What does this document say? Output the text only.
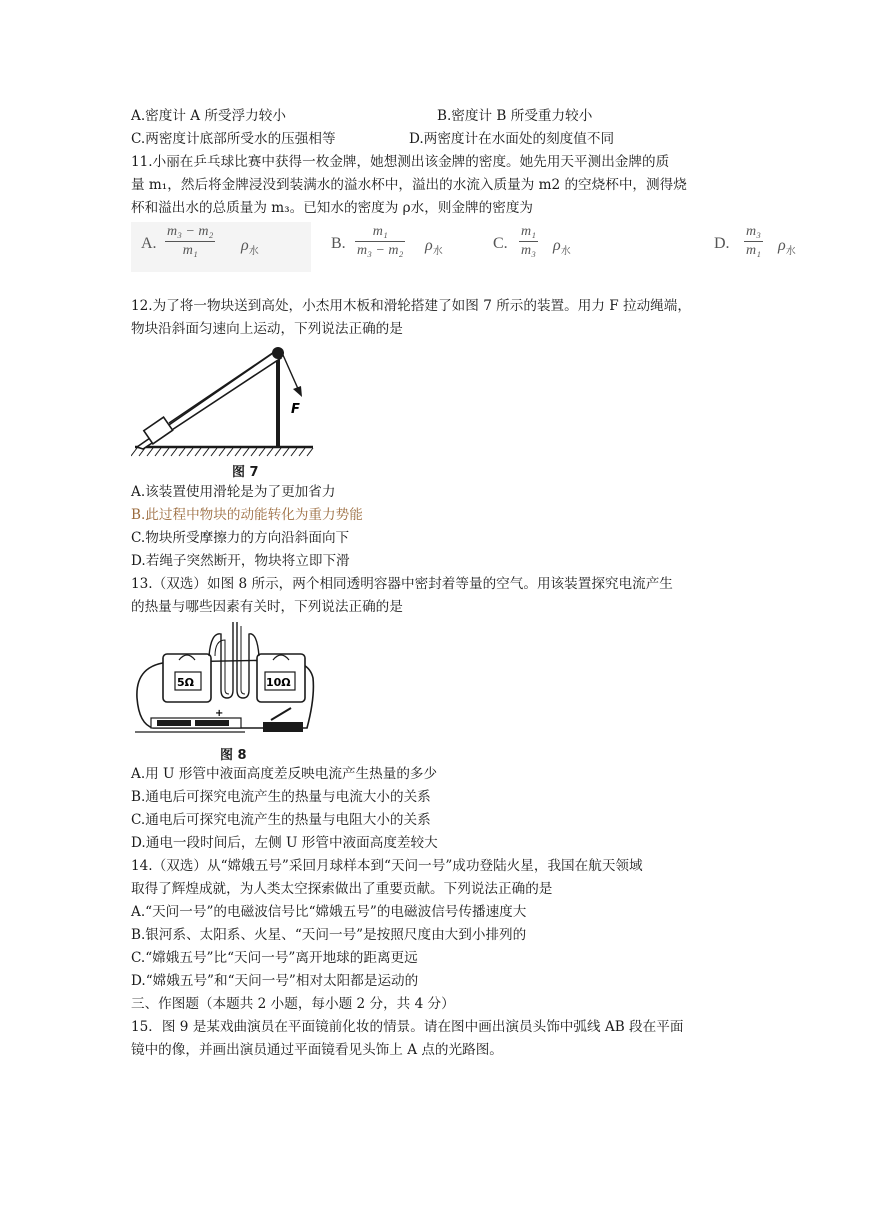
A.密度计 A 所受浮力较小	B.密度计 B 所受重力较小
C.两密度计底部所受水的压强相等	D.两密度计在水面处的刻度值不同
11.小丽在乒乓球比赛中获得一枚金牌，她想测出该金牌的密度。她先用天平测出金牌的质
量 m₁，然后将金牌浸没到装满水的溢水杯中，溢出的水流入质量为 m2 的空烧杯中，测得烧
杯和溢出水的总质量为 m₃。已知水的密度为 ρ水，则金牌的密度为
A.
m₃ − m₂
m₁	$\rho_水$	B.
m₁
m₃ − m₂ $\rho_水$	C.
m₁
m₃ $\rho_水$	D.
m₃
m₁ $\rho_水$
12.为了将一物块送到高处，小杰用木板和滑轮搭建了如图 7 所示的装置。用力 F 拉动绳端，
物块沿斜面匀速向上运动，下列说法正确的是
F
图 7
A.该装置使用滑轮是为了更加省力
B.此过程中物块的动能转化为重力势能
C.物块所受摩擦力的方向沿斜面向下
D.若绳子突然断开，物块将立即下滑
13.（双选）如图 8 所示，两个相同透明容器中密封着等量的空气。用该装置探究电流产生
的热量与哪些因素有关时，下列说法正确的是
5Ω	10Ω
+
图 8
A.用 U 形管中液面高度差反映电流产生热量的多少
B.通电后可探究电流产生的热量与电流大小的关系
C.通电后可探究电流产生的热量与电阻大小的关系
D.通电一段时间后，左侧 U 形管中液面高度差较大
14.（双选）从“嫦娥五号”采回月球样本到“天问一号”成功登陆火星，我国在航天领域
取得了辉煌成就，为人类太空探索做出了重要贡献。下列说法正确的是
A.“天问一号”的电磁波信号比“嫦娥五号”的电磁波信号传播速度大
B.银河系、太阳系、火星、“天问一号”是按照尺度由大到小排列的
C.“嫦娥五号”比“天问一号”离开地球的距离更远
D.“嫦娥五号”和“天问一号”相对太阳都是运动的
三、作图题（本题共 2 小题，每小题 2 分，共 4 分）
15．图 9 是某戏曲演员在平面镜前化妆的情景。请在图中画出演员头饰中弧线 AB 段在平面
镜中的像，并画出演员通过平面镜看见头饰上 A 点的光路图。
